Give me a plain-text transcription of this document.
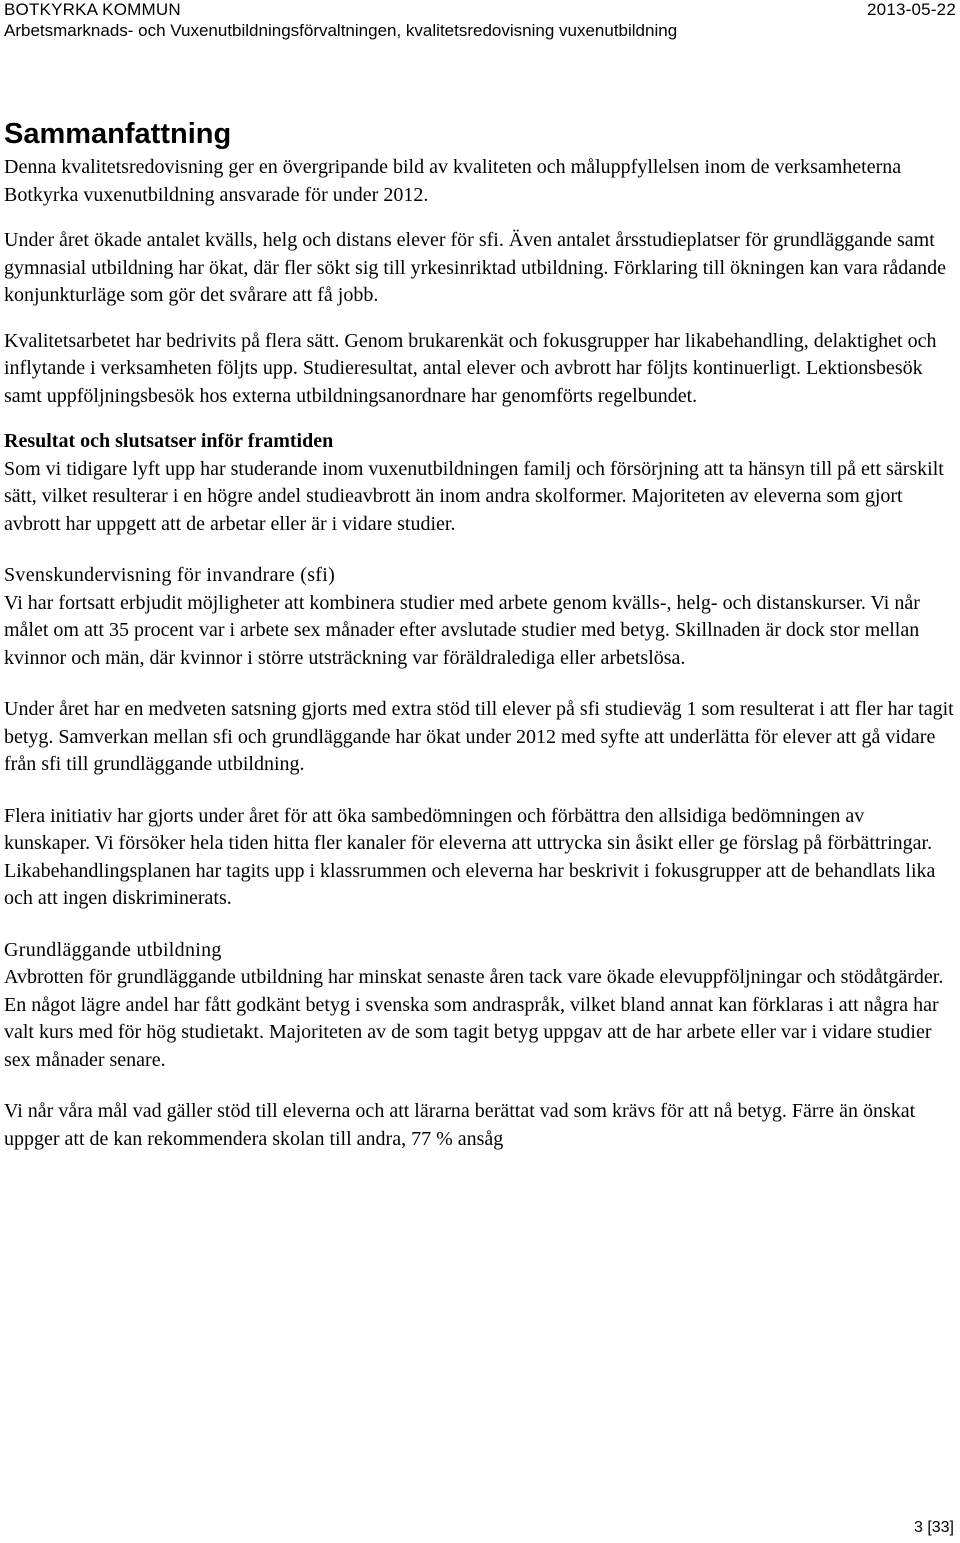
BOTKYRKA KOMMUN	2013-05-22
Arbetsmarknads- och Vuxenutbildningsförvaltningen, kvalitetsredovisning vuxenutbildning
Sammanfattning

Denna kvalitetsredovisning ger en övergripande bild av kvaliteten och måluppfyllelsen inom de verksamheterna Botkyrka vuxenutbildning ansvarade för under 2012.

Under året ökade antalet kvälls, helg och distans elever för sfi. Även antalet årsstudieplatser för grundläggande samt gymnasial utbildning har ökat, där fler sökt sig till yrkesinriktad utbildning. Förklaring till ökningen kan vara rådande konjunkturläge som gör det svårare att få jobb.

Kvalitetsarbetet har bedrivits på flera sätt. Genom brukarenkät och fokusgrupper har likabehandling, delaktighet och inflytande i verksamheten följts upp. Studieresultat, antal elever och avbrott har följts kontinuerligt. Lektionsbesök samt uppföljningsbesök hos externa utbildningsanordnare har genomförts regelbundet.

Resultat och slutsatser inför framtiden

Som vi tidigare lyft upp har studerande inom vuxenutbildningen familj och försörjning att ta hänsyn till på ett särskilt sätt, vilket resulterar i en högre andel studieavbrott än inom andra skolformer. Majoriteten av eleverna som gjort avbrott har uppgett att de arbetar eller är i vidare studier.

Svenskundervisning för invandrare (sfi)

Vi har fortsatt erbjudit möjligheter att kombinera studier med arbete genom kvälls-, helg- och distanskurser. Vi når målet om att 35 procent var i arbete sex månader efter avslutade studier med betyg. Skillnaden är dock stor mellan kvinnor och män, där kvinnor i större utsträckning var föräldralediga eller arbetslösa.

Under året har en medveten satsning gjorts med extra stöd till elever på sfi studieväg 1 som resulterat i att fler har tagit betyg. Samverkan mellan sfi och grundläggande har ökat under 2012 med syfte att underlätta för elever att gå vidare från sfi till grundläggande utbildning.

Flera initiativ har gjorts under året för att öka sambedömningen och förbättra den allsidiga bedömningen av kunskaper. Vi försöker hela tiden hitta fler kanaler för eleverna att uttrycka sin åsikt eller ge förslag på förbättringar. Likabehandlingsplanen har tagits upp i klassrummen och eleverna har beskrivit i fokusgrupper att de behandlats lika och att ingen diskriminerats.

Grundläggande utbildning

Avbrotten för grundläggande utbildning har minskat senaste åren tack vare ökade elevuppföljningar och stödåtgärder. En något lägre andel har fått godkänt betyg i svenska som andraspråk, vilket bland annat kan förklaras i att några har valt kurs med för hög studietakt. Majoriteten av de som tagit betyg uppgav att de har arbete eller var i vidare studier sex månader senare.

Vi når våra mål vad gäller stöd till eleverna och att lärarna berättat vad som krävs för att nå betyg. Färre än önskat uppger att de kan rekommendera skolan till andra, 77 % ansåg

3 [33]
